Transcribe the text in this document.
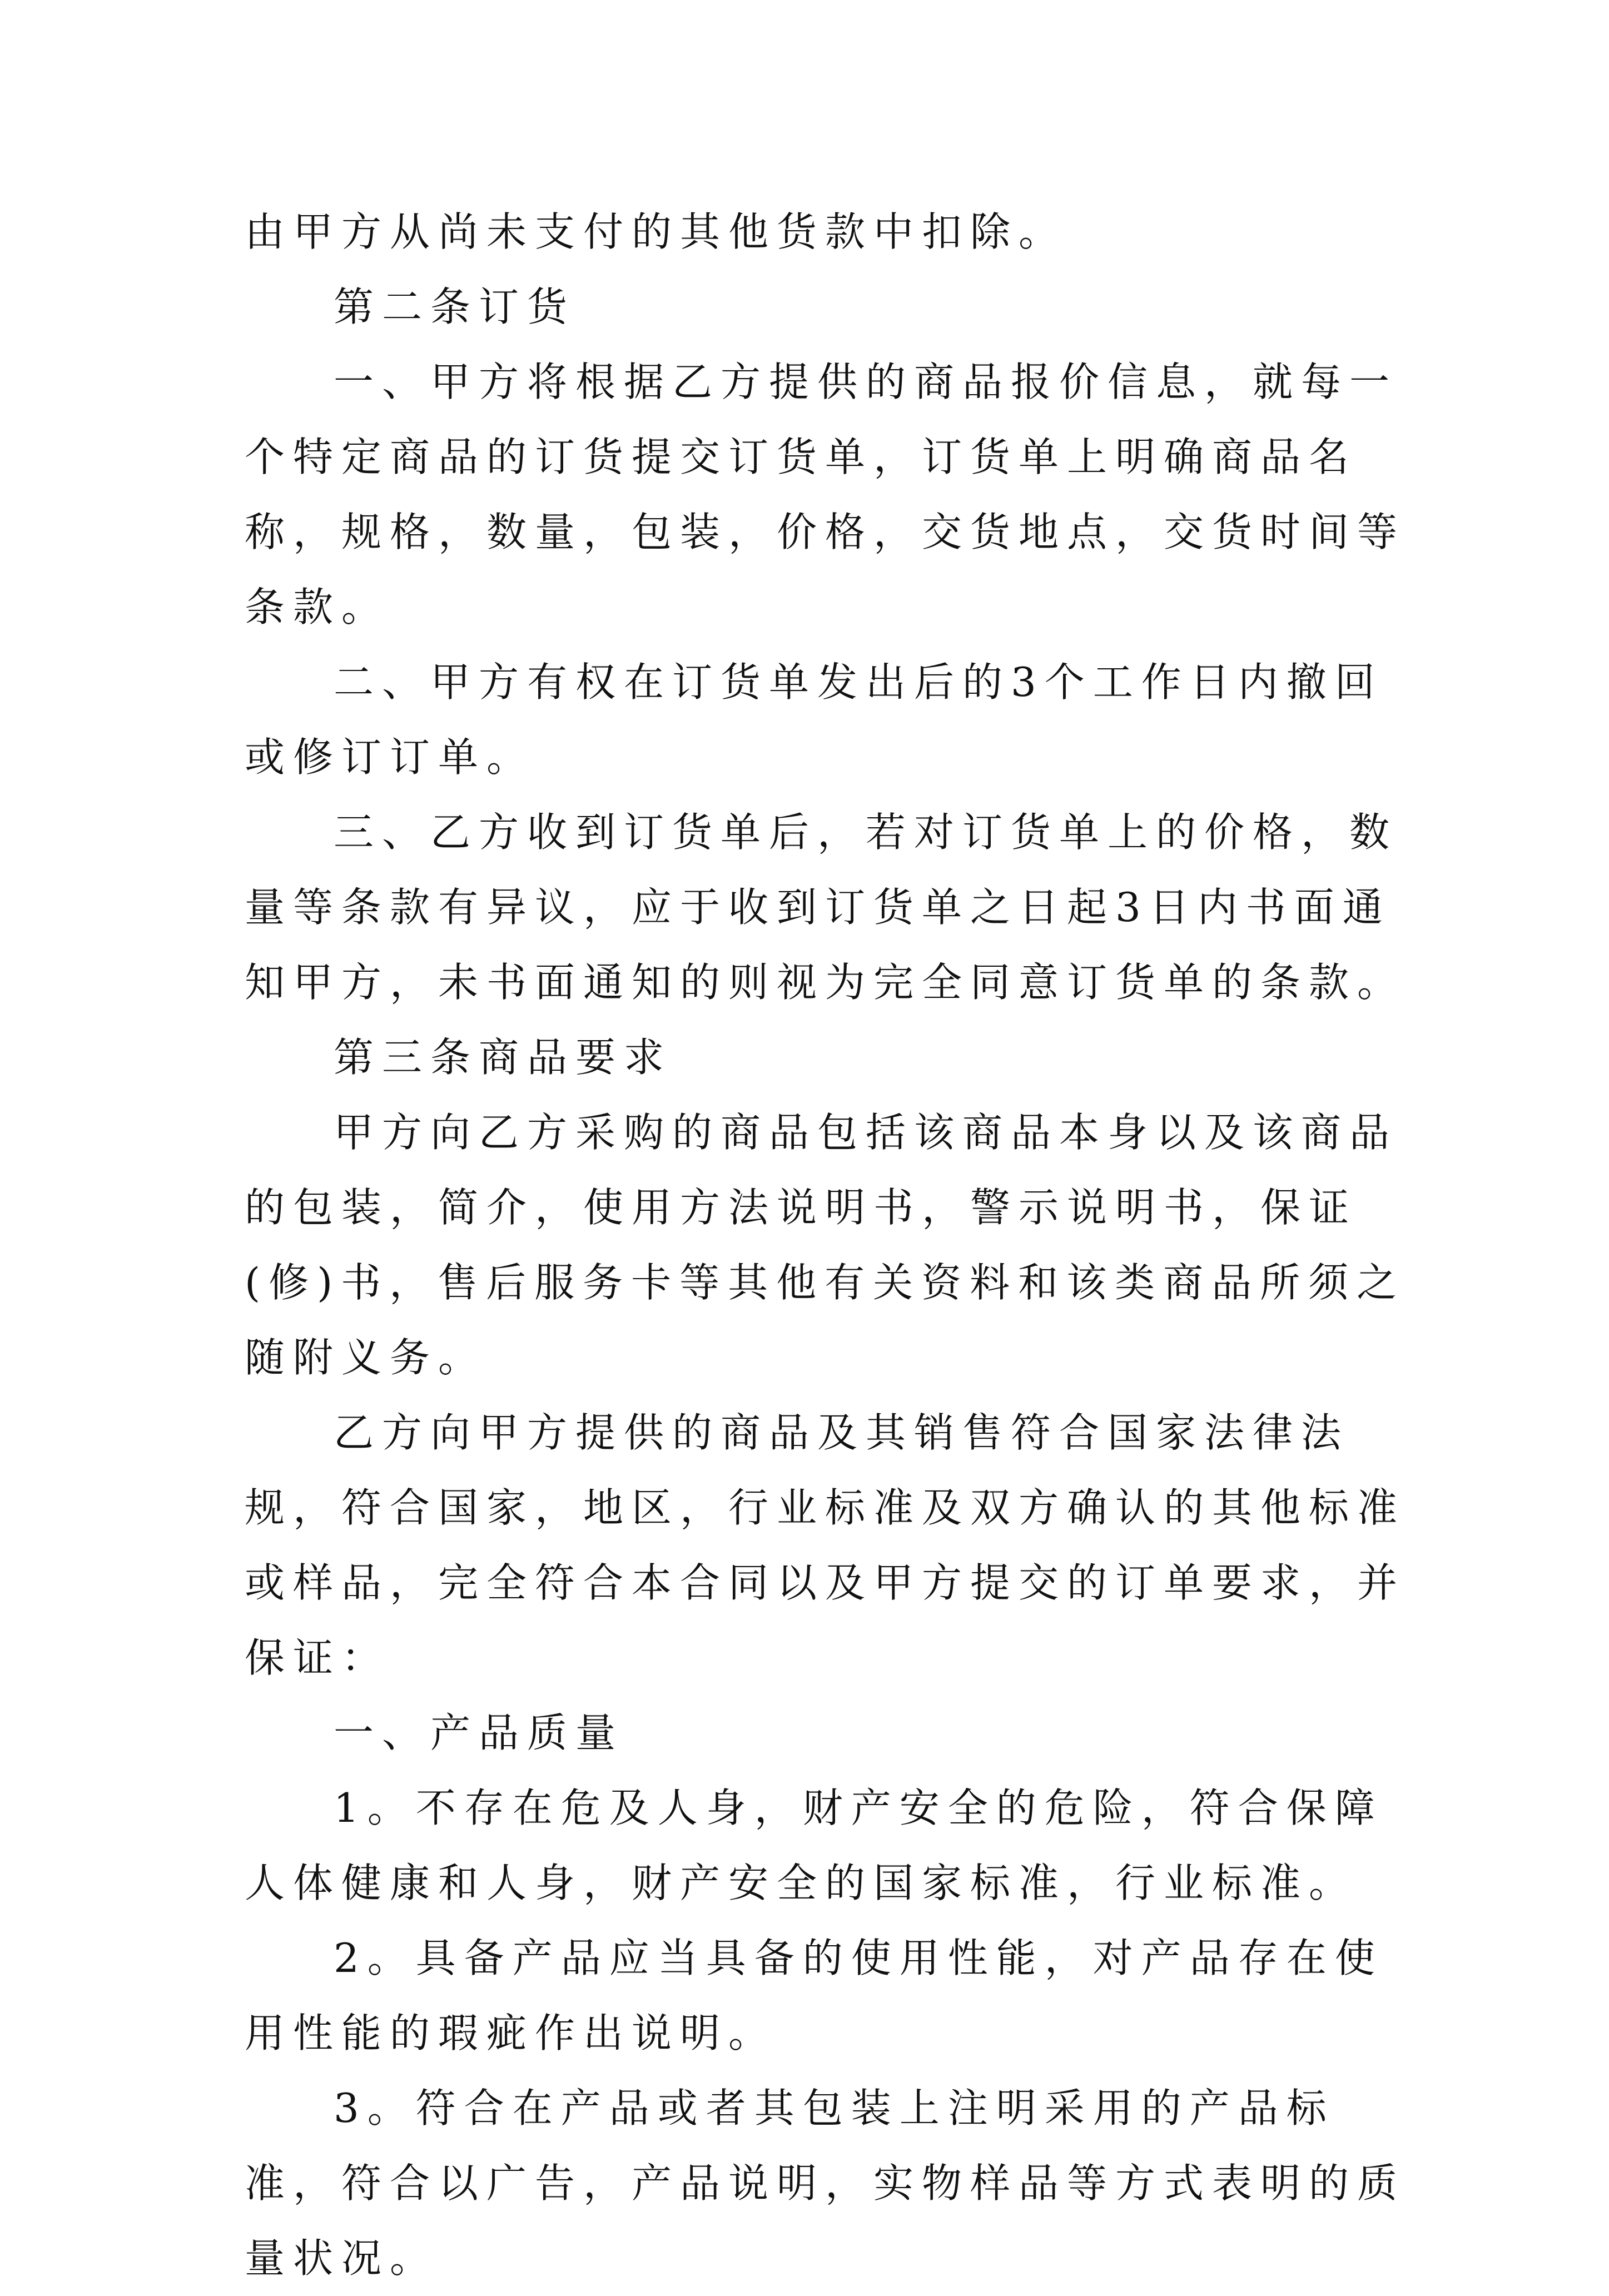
由甲方从尚未支付的其他货款中扣除。

第二条订货

一、甲方将根据乙方提供的商品报价信息，就每一个特定商品的订货提交订货单，订货单上明确商品名称，规格，数量，包装，价格，交货地点，交货时间等条款。

二、甲方有权在订货单发出后的3个工作日内撤回或修订订单。

三、乙方收到订货单后，若对订货单上的价格，数量等条款有异议，应于收到订货单之日起3日内书面通知甲方，未书面通知的则视为完全同意订货单的条款。

第三条商品要求

甲方向乙方采购的商品包括该商品本身以及该商品的包装，简介，使用方法说明书，警示说明书，保证(修)书，售后服务卡等其他有关资料和该类商品所须之随附义务。

乙方向甲方提供的商品及其销售符合国家法律法规，符合国家，地区，行业标准及双方确认的其他标准或样品，完全符合本合同以及甲方提交的订单要求，并保证：

一、产品质量

1。不存在危及人身，财产安全的危险，符合保障人体健康和人身，财产安全的国家标准，行业标准。

2。具备产品应当具备的使用性能，对产品存在使用性能的瑕疵作出说明。

3。符合在产品或者其包装上注明采用的产品标准，符合以广告，产品说明，实物样品等方式表明的质量状况。
